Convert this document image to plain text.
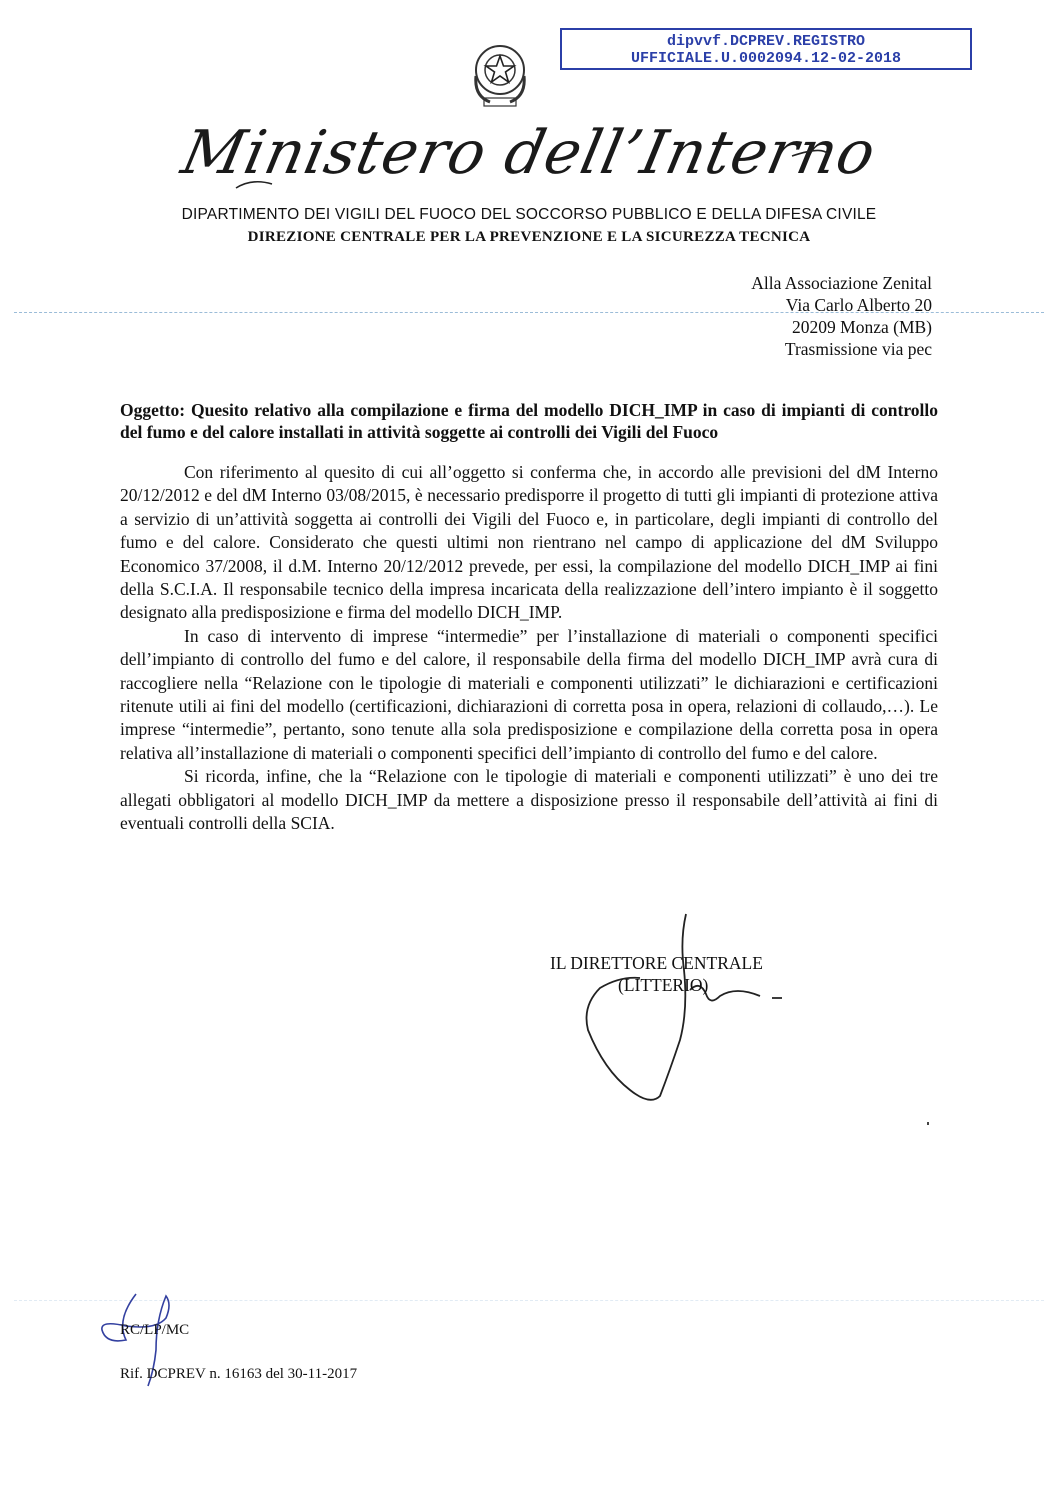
dipvvf.DCPREV.REGISTRO
UFFICIALE.U.0002094.12-02-2018
Ministero dell’Interno
DIPARTIMENTO DEI VIGILI DEL FUOCO DEL SOCCORSO PUBBLICO E DELLA DIFESA CIVILE
DIREZIONE CENTRALE PER LA PREVENZIONE E LA SICUREZZA TECNICA
Alla Associazione Zenital
Via Carlo Alberto 20
20209 Monza (MB)
Trasmissione via pec
Oggetto: Quesito relativo alla compilazione e firma del modello DICH_IMP in caso di impianti di controllo del fumo e del calore installati in attività soggette ai controlli dei Vigili del Fuoco

Con riferimento al quesito di cui all’oggetto si conferma che, in accordo alle previsioni del dM Interno 20/12/2012 e del dM Interno 03/08/2015, è necessario predisporre il progetto di tutti gli impianti di protezione attiva a servizio di un’attività soggetta ai controlli dei Vigili del Fuoco e, in particolare, degli impianti di controllo del fumo e del calore. Considerato che questi ultimi non rientrano nel campo di applicazione del dM Sviluppo Economico 37/2008, il d.M. Interno 20/12/2012 prevede, per essi, la compilazione del modello DICH_IMP ai fini della S.C.I.A. Il responsabile tecnico della impresa incaricata della realizzazione dell’intero impianto è il soggetto designato alla predisposizione e firma del modello DICH_IMP.

In caso di intervento di imprese “intermedie” per l’installazione di materiali o componenti specifici dell’impianto di controllo del fumo e del calore, il responsabile della firma del modello DICH_IMP avrà cura di raccogliere nella “Relazione con le tipologie di materiali e componenti utilizzati” le dichiarazioni e certificazioni ritenute utili ai fini del modello (certificazioni, dichiarazioni di corretta posa in opera, relazioni di collaudo,…). Le imprese “intermedie”, pertanto, sono tenute alla sola predisposizione e compilazione della corretta posa in opera relativa all’installazione di materiali o componenti specifici dell’impianto di controllo del fumo e del calore.

Si ricorda, infine, che la “Relazione con le tipologie di materiali e componenti utilizzati” è uno dei tre allegati obbligatori al modello DICH_IMP da mettere a disposizione presso il responsabile dell’attività ai fini di eventuali controlli della SCIA.

IL DIRETTORE CENTRALE
(LITTERIO)
RC/LP/MC
Rif. DCPREV n. 16163 del 30-11-2017
